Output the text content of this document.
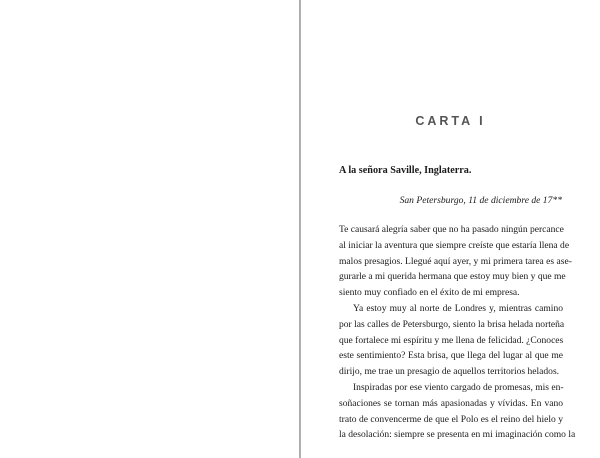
CARTA I

A la señora Saville, Inglaterra.

San Petersburgo, 11 de diciembre de 17**

Te causará alegría saber que no ha pasado ningún percance
al iniciar la aventura que siempre creíste que estaría llena de
malos presagios. Llegué aquí ayer, y mi primera tarea es ase-
gurarle a mi querida hermana que estoy muy bien y que me
siento muy confiado en el éxito de mi empresa.

Ya estoy muy al norte de Londres y, mientras camino
por las calles de Petersburgo, siento la brisa helada norteña
que fortalece mi espíritu y me llena de felicidad. ¿Conoces
este sentimiento? Esta brisa, que llega del lugar al que me
dirijo, me trae un presagio de aquellos territorios helados.

Inspiradas por ese viento cargado de promesas, mis en-
soñaciones se tornan más apasionadas y vívidas. En vano
trato de convencerme de que el Polo es el reino del hielo y
la desolación: siempre se presenta en mi imaginación como la
